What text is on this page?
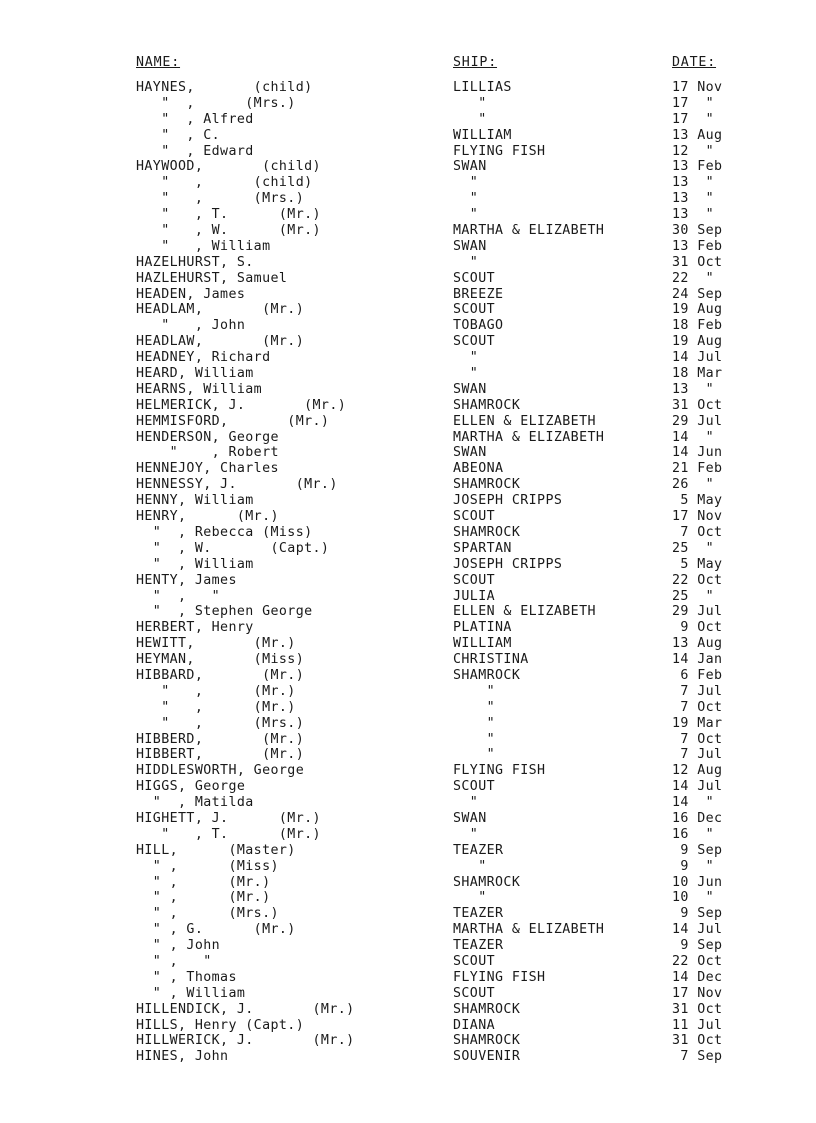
NAME:	SHIP:	DATE:
HAYNES,       (child)
"  ,      (Mrs.)
"  , Alfred
"  , C.
"  , Edward
HAYWOOD,       (child)
"   ,      (child)
"   ,      (Mrs.)
"   , T.      (Mr.)
"   , W.      (Mr.)
"   , William
HAZELHURST, S.
HAZLEHURST, Samuel
HEADEN, James
HEADLAM,       (Mr.)
"   , John
HEADLAW,       (Mr.)
HEADNEY, Richard
HEARD, William
HEARNS, William
HELMERICK, J.       (Mr.)
HEMMISFORD,       (Mr.)
HENDERSON, George
"    , Robert
HENNEJOY, Charles
HENNESSY, J.       (Mr.)
HENNY, William
HENRY,      (Mr.)
"  , Rebecca (Miss)
"  , W.       (Capt.)
"  , William
HENTY, James
"  ,   "
"  , Stephen George
HERBERT, Henry
HEWITT,       (Mr.)
HEYMAN,       (Miss)
HIBBARD,       (Mr.)
"   ,      (Mr.)
"   ,      (Mr.)
"   ,      (Mrs.)
HIBBERD,       (Mr.)
HIBBERT,       (Mr.)
HIDDLESWORTH, George
HIGGS, George
"  , Matilda
HIGHETT, J.      (Mr.)
"   , T.      (Mr.)
HILL,      (Master)
" ,      (Miss)
" ,      (Mr.)
" ,      (Mr.)
" ,      (Mrs.)
" , G.      (Mr.)
" , John
" ,   "
" , Thomas
" , William
HILLENDICK, J.       (Mr.)
HILLS, Henry (Capt.)
HILLWERICK, J.       (Mr.)
HINES, John
LILLIAS
"
"
WILLIAM
FLYING FISH
SWAN
"
"
"
MARTHA & ELIZABETH
SWAN
"
SCOUT
BREEZE
SCOUT
TOBAGO
SCOUT
"
"
SWAN
SHAMROCK
ELLEN & ELIZABETH
MARTHA & ELIZABETH
SWAN
ABEONA
SHAMROCK
JOSEPH CRIPPS
SCOUT
SHAMROCK
SPARTAN
JOSEPH CRIPPS
SCOUT
JULIA
ELLEN & ELIZABETH
PLATINA
WILLIAM
CHRISTINA
SHAMROCK
"
"
"
"
"
FLYING FISH
SCOUT
"
SWAN
"
TEAZER
"
SHAMROCK
"
TEAZER
MARTHA & ELIZABETH
TEAZER
SCOUT
FLYING FISH
SCOUT
SHAMROCK
DIANA
SHAMROCK
SOUVENIR
17 Nov
17  "
17  "
13 Aug
12  "
13 Feb
13  "
13  "
13  "
30 Sep
13 Feb
31 Oct
22  "
24 Sep
19 Aug
18 Feb
19 Aug
14 Jul
18 Mar
13  "
31 Oct
29 Jul
14  "
14 Jun
21 Feb
26  "
5 May
17 Nov
7 Oct
25  "
5 May
22 Oct
25  "
29 Jul
9 Oct
13 Aug
14 Jan
6 Feb
7 Jul
7 Oct
19 Mar
7 Oct
7 Jul
12 Aug
14 Jul
14  "
16 Dec
16  "
9 Sep
9  "
10 Jun
10  "
9 Sep
14 Jul
9 Sep
22 Oct
14 Dec
17 Nov
31 Oct
11 Jul
31 Oct
7 Sep
